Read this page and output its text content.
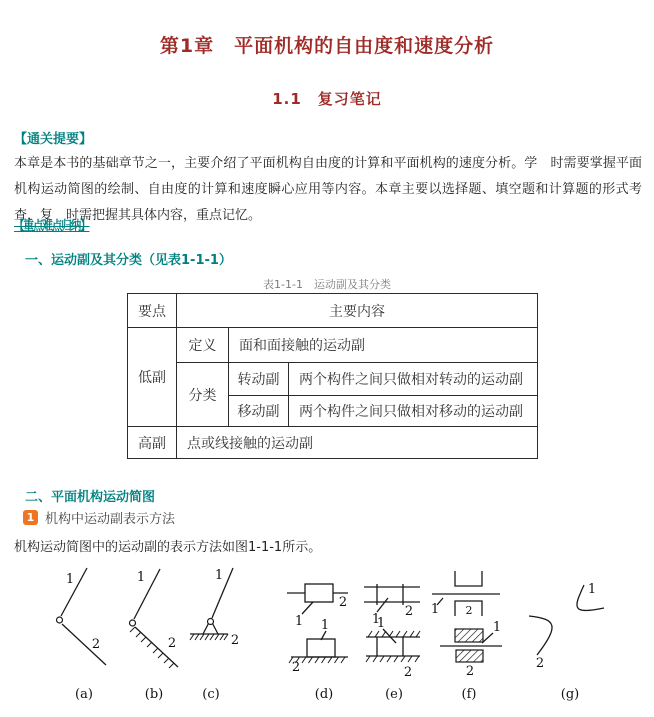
第1章　平面机构的自由度和速度分析
1.1　复习笔记
【通关提要】
本章是本书的基础章节之一，主要介绍了平面机构自由度的计算和平面机构的速度分析。学　时需要掌握平面机构运动简图的绘制、自由度的计算和速度瞬心应用等内容。本章主要以选择题、填空题和计算题的形式考查，复　时需把握其具体内容，重点记忆。
【重点难点归纳】
一、运动副及其分类（见表1-1-1）
表1-1-1　运动副及其分类
要点	主要内容		
低副	定义	面和面接触的运动副	
	分类	转动副	两个构件之间只做相对转动的运动副
		移动副	两个构件之间只做相对移动的运动副
高副	点或线接触的运动副		
二、平面机构运动简图
1 机构中运动副表示方法
机构运动简图中的运动副的表示方法如图1-1-1所示。
1
2
1
2
1
2
1
2
1
2
1
2
1
2
1 2
1
2
1
2
(a)	(b)	(c)	(d)	(e)	(f)	(g)
